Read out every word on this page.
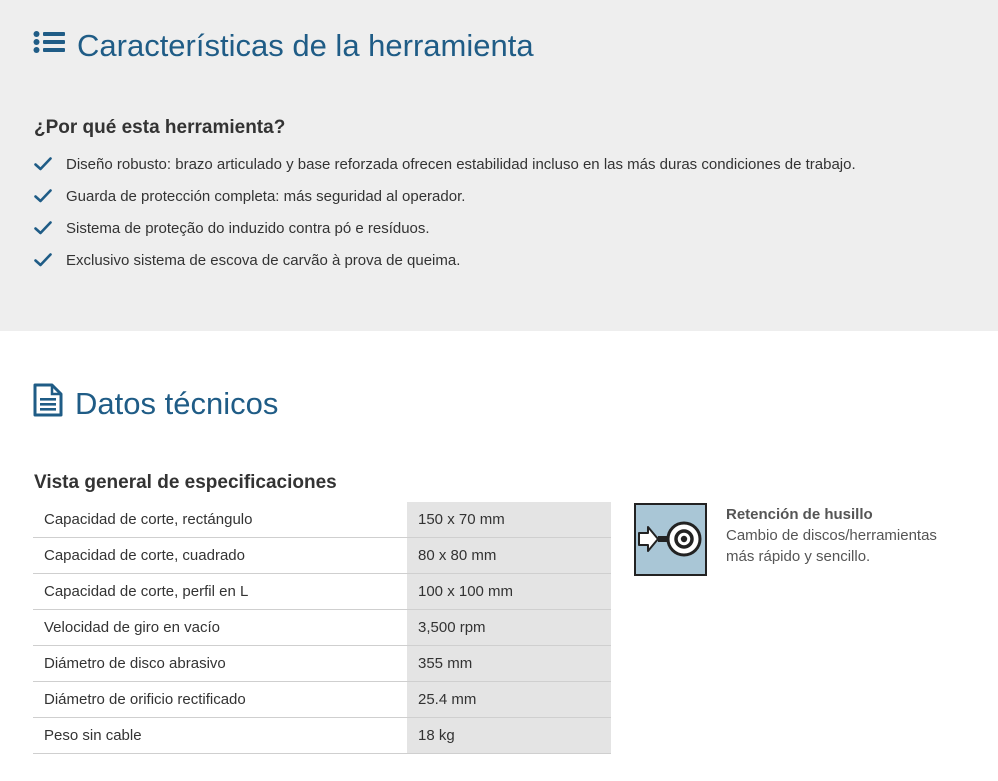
Características de la herramienta
¿Por qué esta herramienta?
Diseño robusto: brazo articulado y base reforzada ofrecen estabilidad incluso en las más duras condiciones de trabajo.
Guarda de protección completa: más seguridad al operador.
Sistema de proteção do induzido contra pó e resíduos.
Exclusivo sistema de escova de carvão à prova de queima.
Datos técnicos
Vista general de especificaciones
Capacidad de corte, rectángulo	150 x 70 mm
Capacidad de corte, cuadrado	80 x 80 mm
Capacidad de corte, perfil en L	100 x 100 mm
Velocidad de giro en vacío	3,500 rpm
Diámetro de disco abrasivo	355 mm
Diámetro de orificio rectificado	25.4 mm
Peso sin cable	18 kg
Retención de husillo
Cambio de discos/herramientas
más rápido y sencillo.
